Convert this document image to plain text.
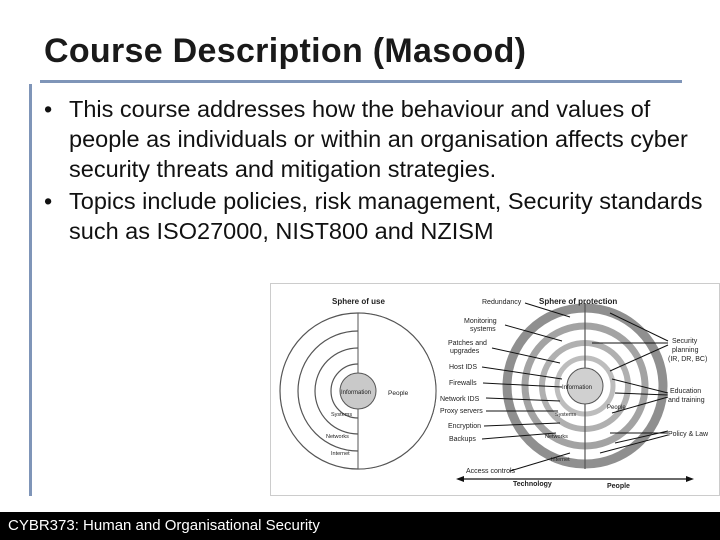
Course Description (Masood)
• This course addresses how the behaviour and values of people as individuals or within an organisation affects cyber security threats and mitigation strategies.
• Topics include policies, risk management, Security standards such as ISO27000, NIST800 and NZISM
Sphere of use
Information	People
Systems
Networks
Internet
Sphere of protection
Information
People
Systems
Networks
Internet
Redundancy
Monitoring
systems
Patches and
upgrades
Host IDS
Firewalls
Network IDS
Proxy servers
Encryption
Backups
Access controls
Security
planning
(IR, DR, BC)
Education
and training
Policy & Law
Technology	People
CYBR373: Human and Organisational Security
